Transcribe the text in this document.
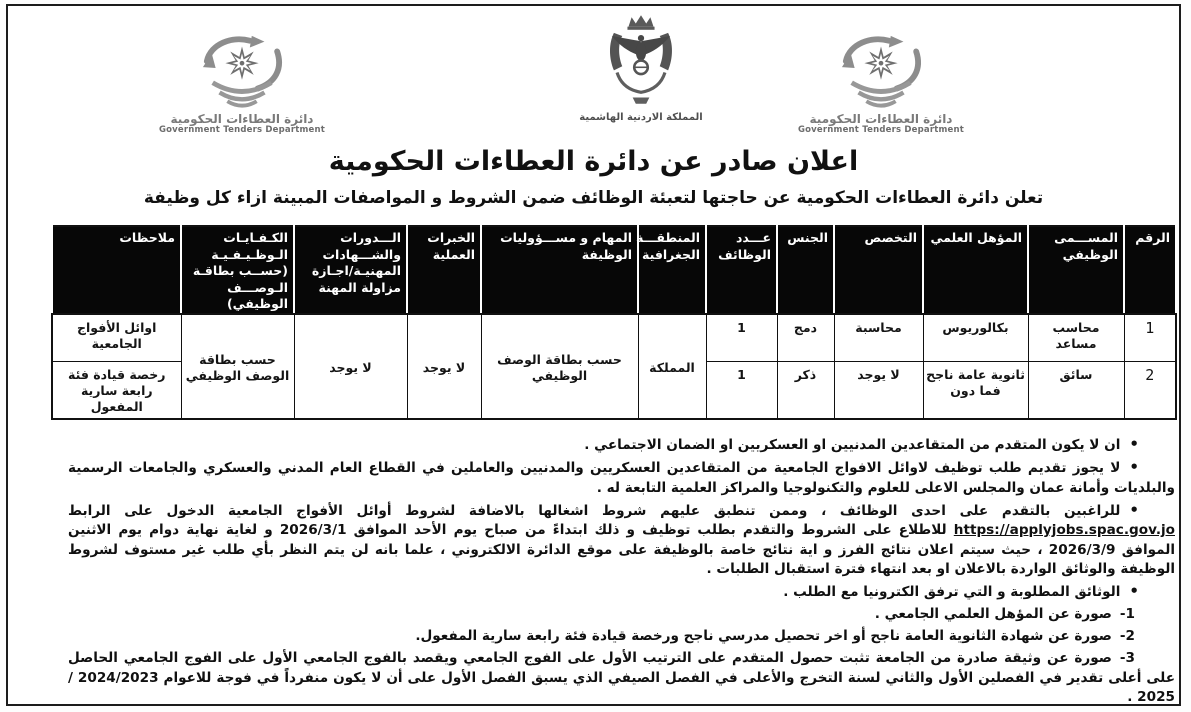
دائرة العطاءات الحكومية
Government Tenders Department
المملكة الاردنية الهاشمية
دائرة العطاءات الحكومية
Government Tenders Department
اعلان صادر عن دائرة العطاءات الحكومية

تعلن دائرة العطاءات الحكومية عن حاجتها لتعبئة الوظائف ضمن الشروط و المواصفات المبينة ازاء كل وظيفة

الرقم	المســـمى الوظيفي	المؤهل العلمي	التخصص	الجنس	عـــدد الوظائف	المنطقـــة الجغرافية	المهام و مســـؤوليات الوظيفة	الخبرات العملية	الـــدورات والشـــهادات المهنيـة/اجـازة مزاولة المهنة	الكـفـايـات الـوظـيـفـيـة (حســب بطاقـة الـوصـــف الوظيفي)	ملاحظات
1	محاسب مساعد	بكالوريوس	محاسبة	دمج	1	المملكة	حسب بطاقة الوصف الوظيفي	لا يوجد	لا يوجد	حسب بطاقة الوصف الوظيفي	اوائل الأفواج الجامعية
2	سائق	ثانوية عامة ناجح فما دون	لا يوجد	ذكر	1						رخصة قيادة فئة رابعة سارية المفعول

•ان لا يكون المتقدم من المتقاعدين المدنيين او العسكريين او الضمان الاجتماعي .

•لا يجوز تقديم طلب توظيف لاوائل الافواج الجامعية من المتقاعدين العسكريين والمدنيين والعاملين في القطاع العام المدني والعسكري والجامعات الرسمية والبلديات وأمانة عمان والمجلس الاعلى للعلوم والتكنولوجيا والمراكز العلمية التابعة له .

•للراغبين بالتقدم على احدى الوظائف ، وممن تنطبق عليهم شروط اشغالها بالاضافة لشروط أوائل الأفواج الجامعية الدخول على الرابط https://applyjobs.spac.gov.jo للاطلاع على الشروط والتقدم بطلب توظيف و ذلك ابتداءً من صباح يوم الأحد الموافق 2026/3/1 و لغاية نهاية دوام يوم الاثنين الموافق 2026/3/9 ، حيث سيتم اعلان نتائج الفرز و اية نتائج خاصة بالوظيفة على موقع الدائرة الالكتروني ، علما بانه لن يتم النظر بأي طلب غير مستوف لشروط الوظيفة والوثائق الواردة بالاعلان او بعد انتهاء فترة استقبال الطلبات .

•الوثائق المطلوبة و التي ترفق الكترونيا مع الطلب .

1-صورة عن المؤهل العلمي الجامعي .

2-صورة عن شهادة الثانوية العامة ناجح أو اخر تحصيل مدرسي ناجح ورخصة قيادة فئة رابعة سارية المفعول.

3-صورة عن وثيقة صادرة من الجامعة تثبت حصول المتقدم على الترتيب الأول على الفوج الجامعي ويقصد بالفوج الجامعي الأول على الفوج الجامعي الحاصل على أعلى تقدير في الفصلين الأول والثاني لسنة التخرج والأعلى في الفصل الصيفي الذي يسبق الفصل الأول على أن لا يكون منفرداً في فوجة للاعوام 2024/2023 / 2025 .
